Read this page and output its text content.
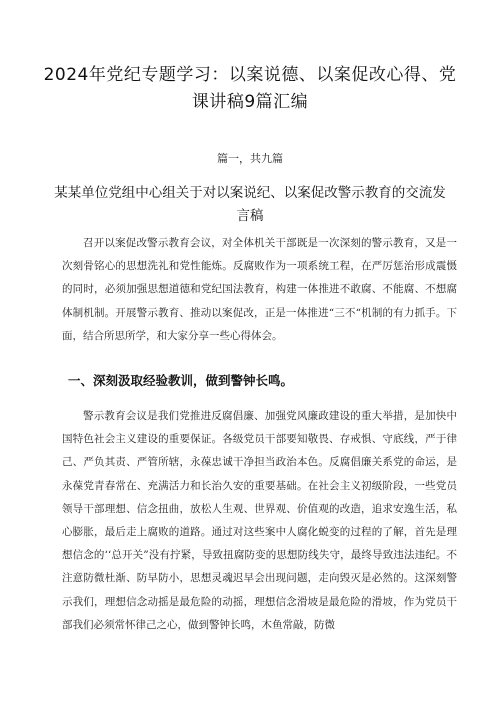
2024年党纪专题学习：以案说德、以案促改心得、党课讲稿9篇汇编
篇一，共九篇
某某单位党组中心组关于对以案说纪、以案促改警示教育的交流发言稿

召开以案促改警示教育会议，对全体机关干部既是一次深刻的警示教育，又是一次刻骨铭心的思想洗礼和党性能炼。反腐败作为一项系统工程，在严厉惩治形成震慑的同时，必须加强思想道德和党纪国法教育，构建一体推进不敢腐、不能腐、不想腐体制机制。开展警示教育、推动以案促改，正是一体推进“三不“机制的有力抓手。下面，结合所思所学，和大家分享一些心得体会。

一、深刻汲取经验教训，做到警钟长鸣。

警示教育会议是我们党推进反腐倡廉、加强党风廉政建设的重大举措，是加快中国特色社会主义建设的重要保证。各级党员干部要知敬畏、存戒惧、守底线，严于律己、严负其责、严管所辖，永葆忠诚干净担当政治本色。反腐倡廉关系党的命运，是永葆党青春常在、充满活力和长治久安的重要基础。在社会主义初级阶段，一些党员领导干部理想、信念扭曲，放松人生观、世界观、价值观的改造，追求安逸生活，私心膨胀，最后走上腐败的道路。通过对这些案中人腐化蜕变的过程的了解，首先是理想信念的‘‘总开关”没有拧紧，导致扭腐防变的思想防线失守，最终导致违法违纪。不注意防微杜渐、防早防小，思想灵魂迟早会出现问题，走向毁灭是必然的。这深刻警示我们，理想信念动摇是最危险的动摇，理想信念滑坡是最危险的滑坡，作为党员干部我们必须常怀律己之心，做到警钟长鸣，木鱼常敲，防微
